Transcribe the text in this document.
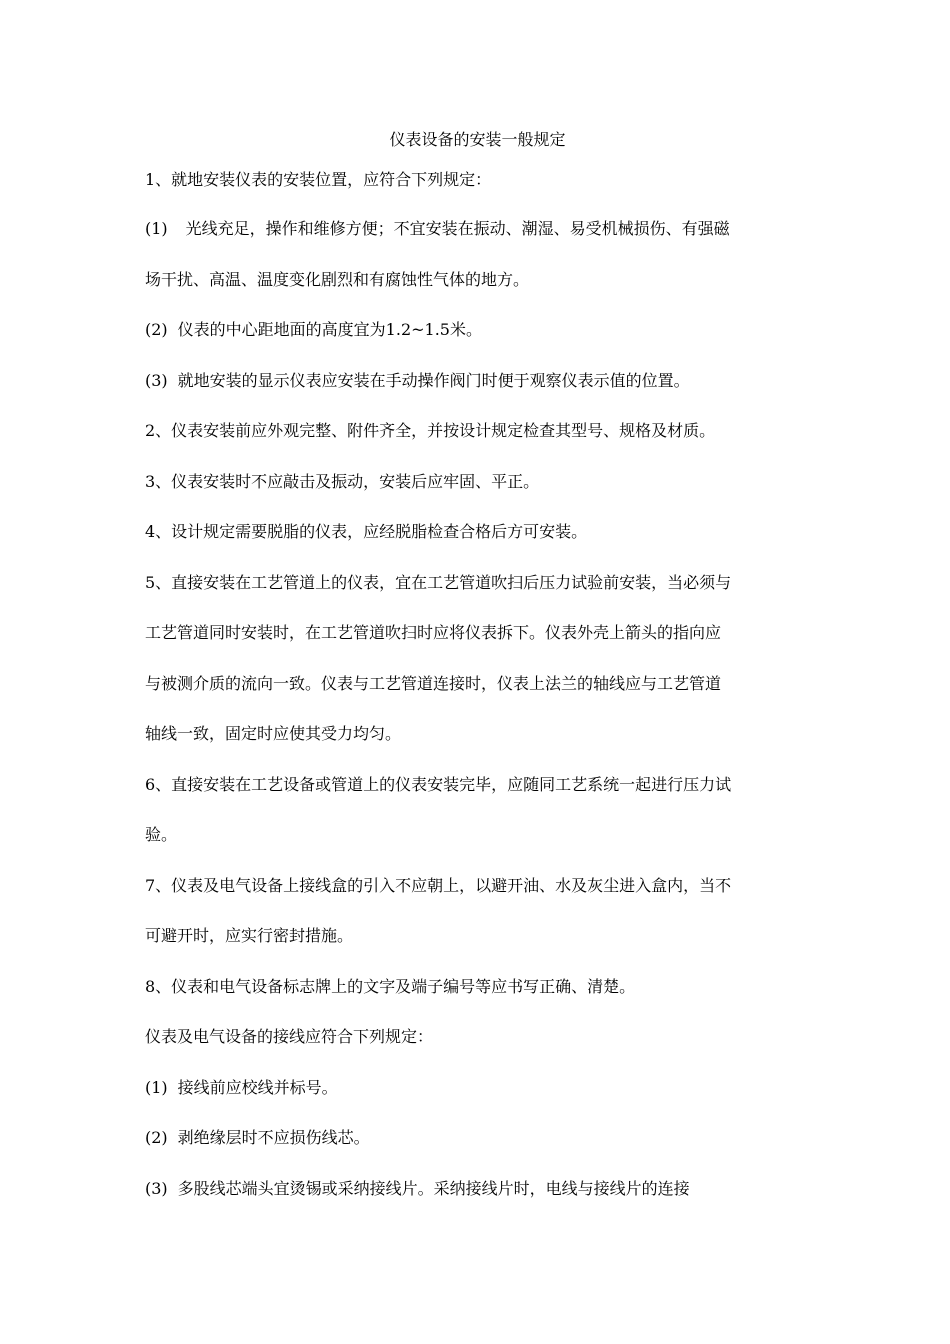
仪表设备的安装一般规定

1、就地安装仪表的安装位置，应符合下列规定：

(1) 光线充足，操作和维修方便；不宜安装在振动、潮湿、易受机械损伤、有强磁

场干扰、高温、温度变化剧烈和有腐蚀性气体的地方。

(2) 仪表的中心距地面的高度宜为1.2~1.5米。

(3) 就地安装的显示仪表应安装在手动操作阀门时便于观察仪表示值的位置。

2、仪表安装前应外观完整、附件齐全，并按设计规定检查其型号、规格及材质。

3、仪表安装时不应敲击及振动，安装后应牢固、平正。

4、设计规定需要脱脂的仪表，应经脱脂检查合格后方可安装。

5、直接安装在工艺管道上的仪表，宜在工艺管道吹扫后压力试验前安装，当必须与

工艺管道同时安装时，在工艺管道吹扫时应将仪表拆下。仪表外壳上箭头的指向应

与被测介质的流向一致。仪表与工艺管道连接时，仪表上法兰的轴线应与工艺管道

轴线一致，固定时应使其受力均匀。

6、直接安装在工艺设备或管道上的仪表安装完毕，应随同工艺系统一起进行压力试

验。

7、仪表及电气设备上接线盒的引入不应朝上，以避开油、水及灰尘进入盒内，当不

可避开时，应实行密封措施。

8、仪表和电气设备标志牌上的文字及端子编号等应书写正确、清楚。

仪表及电气设备的接线应符合下列规定：

(1) 接线前应校线并标号。

(2) 剥绝缘层时不应损伤线芯。

(3) 多股线芯端头宜烫锡或采纳接线片。采纳接线片时，电线与接线片的连接
